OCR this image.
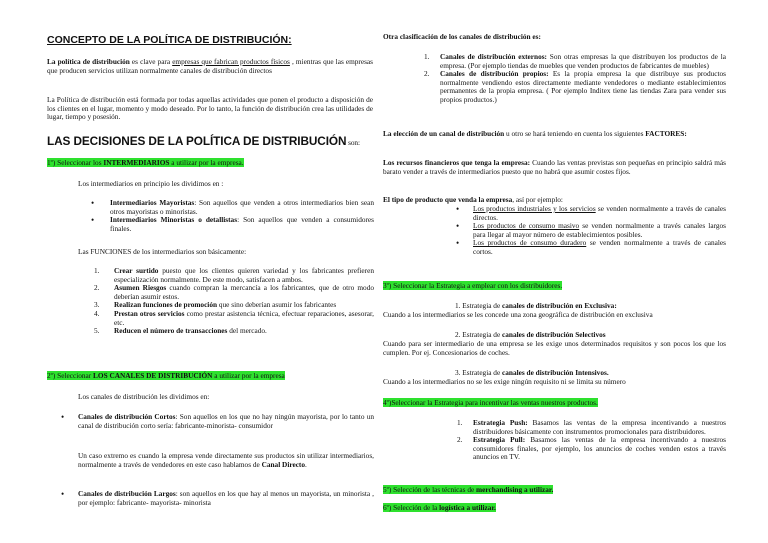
CONCEPTO DE LA POLÍTICA DE DISTRIBUCIÓN:

La política de distribución es clave para empresas que fabrican productos físicos , mientras que las empresas que producen servicios utilizan normalmente canales de distribución directos

La Política de distribución está formada por todas aquellas actividades que ponen el producto a disposición de los clientes en el lugar, momento y modo deseado. Por lo tanto, la función de distribución crea las utilidades de lugar, tiempo y posesión.

LAS DECISIONES DE LA POLÍTICA DE DISTRIBUCIÓN son:

1º) Seleccionar los INTERMEDIARIOS a utilizar por la empresa.

Los intermediarios en principio les dividimos en :

• Intermediarios Mayoristas: Son aquellos que venden a otros intermediarios bien sean otros mayoristas o minoristas.
• Intermediarios Minoristas o detallistas: Son aquellos que venden a consumidores finales.

Las FUNCIONES de los intermediarios son básicamente:

1. Crear surtido puesto que los clientes quieren variedad y los fabricantes prefieren especialización normalmente. De este modo, satisfacen a ambos.
2. Asumen Riesgos cuando compran la mercancía a los fabricantes, que de otro modo deberían asumir estos.
3. Realizan funciones de promoción que sino deberían asumir los fabricantes
4. Prestan otros servicios como prestar asistencia técnica, efectuar reparaciones, asesorar, etc.
5. Reducen el número de transacciones del mercado.

2º) Seleccionar LOS CANALES DE DISTRIBUCIÓN a utilizar por la empresa

Los canales de distribución les dividimos en:

• Canales de distribución Cortos: Son aquellos en los que no hay ningún mayorista, por lo tanto un canal de distribución corto sería: fabricante-minorista- consumidor

Un caso extremo es cuando la empresa vende directamente sus productos sin utilizar intermediarios, normalmente a través de vendedores en este caso hablamos de Canal Directo.

• Canales de distribución Largos: son aquellos en los que hay al menos un mayorista, un minorista , por ejemplo: fabricante- mayorista- minorista

Otra clasificación de los canales de distribución es:

1. Canales de distribución externos: Son otras empresas la que distribuyen los productos de la empresa. (Por ejemplo tiendas de muebles que venden productos de fabricantes de muebles)
2. Canales de distribución propios: Es la propia empresa la que distribuye sus productos normalmente vendiendo estos directamente mediante vendedores o mediante establecimientos permanentes de la propia empresa. ( Por ejemplo Inditex tiene las tiendas Zara para vender sus propios productos.)

La elección de un canal de distribución u otro se hará teniendo en cuenta los siguientes FACTORES:

Los recursos financieros que tenga la empresa: Cuando las ventas previstas son pequeñas en principio saldrá más barato vender a través de intermediarios puesto que no habrá que asumir costes fijos.

El tipo de producto que venda la empresa, así por ejemplo:

• Los productos industriales y los servicios se venden normalmente a través de canales directos.
• Los productos de consumo masivo se venden normalmente a través canales largos para llegar al mayor número de establecimientos posibles.
• Los productos de consumo duradero se venden normalmente a través de canales cortos.

3º) Seleccionar la Estrategia a emplear con los distribuidores.

1. Estrategia de canales de distribución en Exclusiva:

Cuando a los intermediarios se les concede una zona geográfica de distribución en exclusiva

2. Estrategia de canales de distribución Selectivos

Cuando para ser intermediario de una empresa se les exige unos determinados requisitos y son pocos los que los cumplen. Por ej. Concesionarios de coches.

3. Estrategia de canales de distribución Intensivos.

Cuando a los intermediarios no se les exige ningún requisito ni se limita su número

4º)Seleccionar la Estrategia para incentivar las ventas nuestros productos.

1. Estrategia Push: Basamos las ventas de la empresa incentivando a nuestros distribuidores básicamente con instrumentos promocionales para distribuidores.
2. Estrategia Pull: Basamos las ventas de la empresa incentivando a nuestros consumidores finales, por ejemplo, los anuncios de coches venden estos a través anuncios en TV.

5º) Selección de las técnicas de merchandising a utilizar.

6º) Selección de la logística a utilizar.
